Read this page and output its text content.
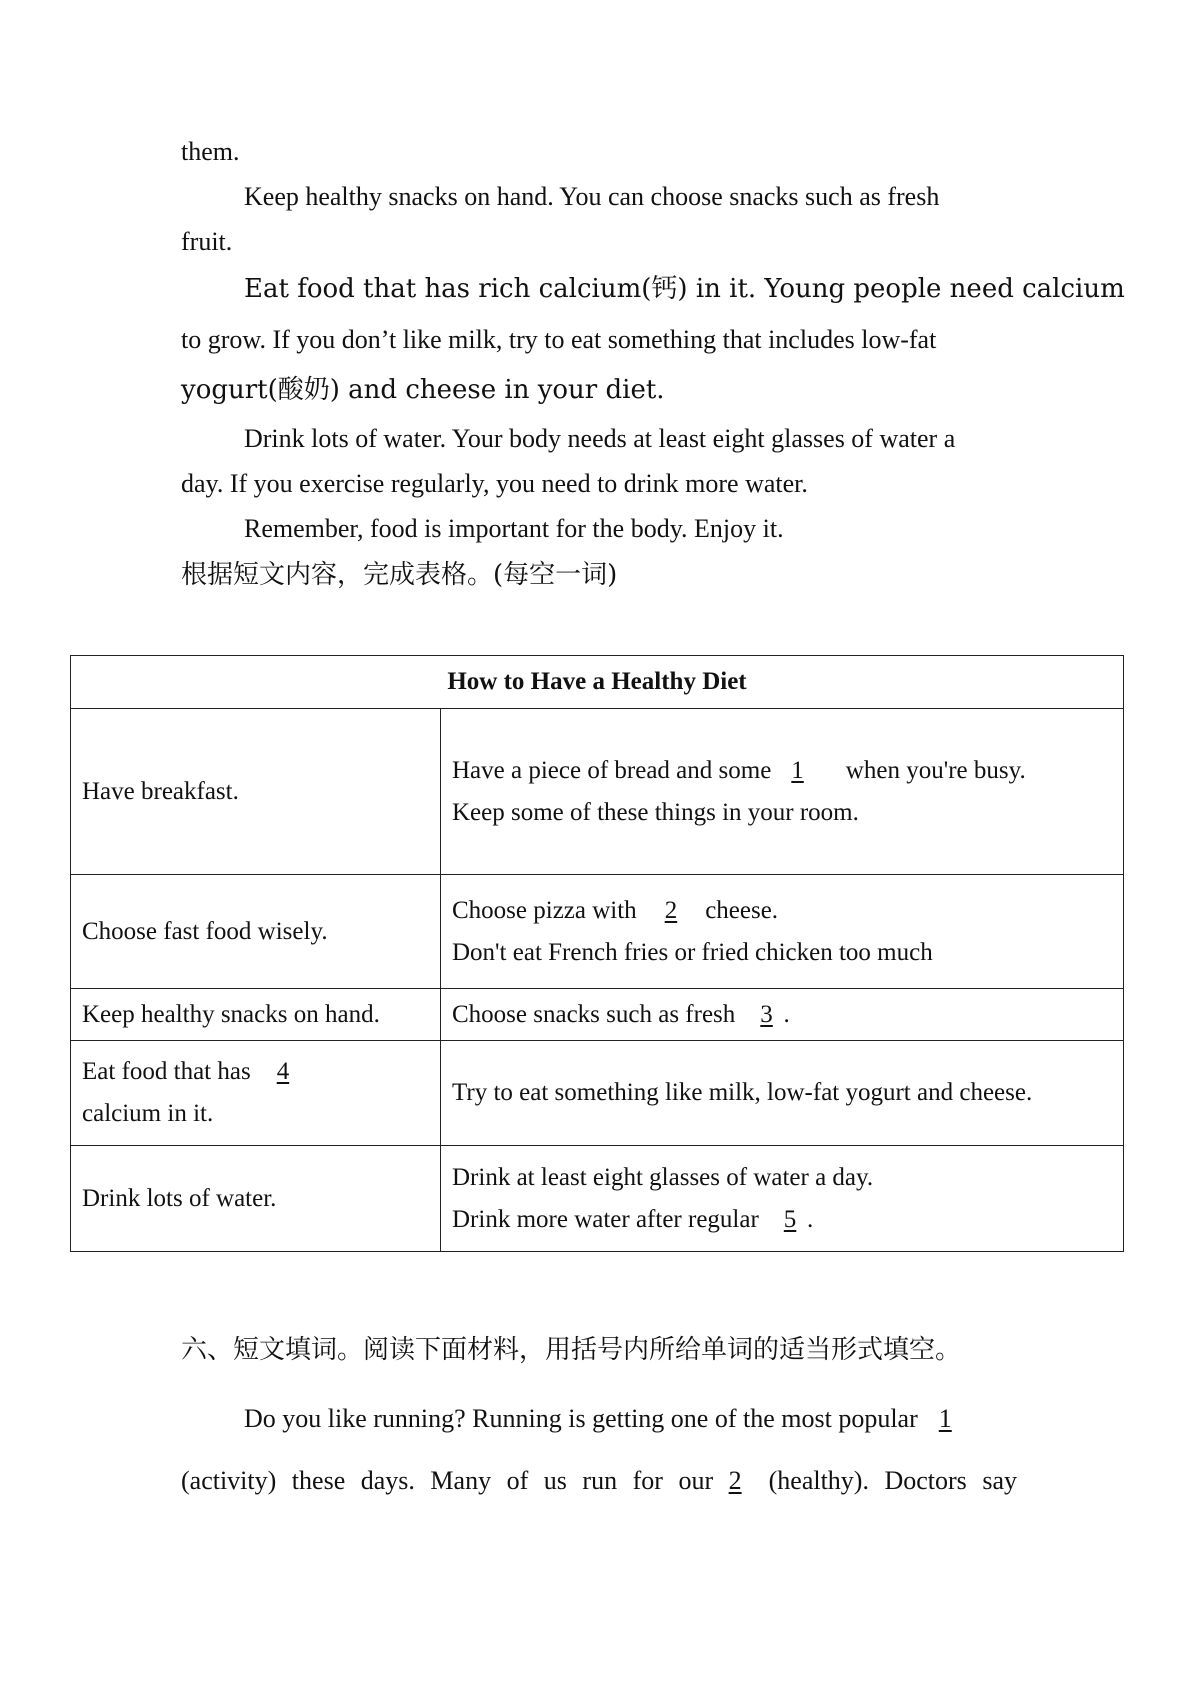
them.
Keep healthy snacks on hand. You can choose snacks such as fresh
fruit.
Eat food that has rich calcium(钙) in it. Young people need calcium
to grow. If you don’t like milk, try to eat something that includes low-fat
yogurt(酸奶) and cheese in your diet.
Drink lots of water. Your body needs at least eight glasses of water a
day. If you exercise regularly, you need to drink more water.
Remember, food is important for the body. Enjoy it.
根据短文内容，完成表格。(每空一词)
How to Have a Healthy Diet	
Have breakfast.	Have a piece of bread and some 1 when you're busy.
Keep some of these things in your room.

Choose fast food wisely.	Choose pizza with 2 cheese.
Don't eat French fries or fried chicken too much

Keep healthy snacks on hand.	Choose snacks such as fresh 3 .

Eat food that has 4
calcium in it.	Try to eat something like milk, low-fat yogurt and cheese.
Drink lots of water.	Drink at least eight glasses of water a day.
Drink more water after regular 5 .
六、短文填词。阅读下面材料，用括号内所给单词的适当形式填空。
Do you like running? Running is getting one of the most popular 1
(activity) these days. Many of us run for our 2 (healthy). Doctors say
